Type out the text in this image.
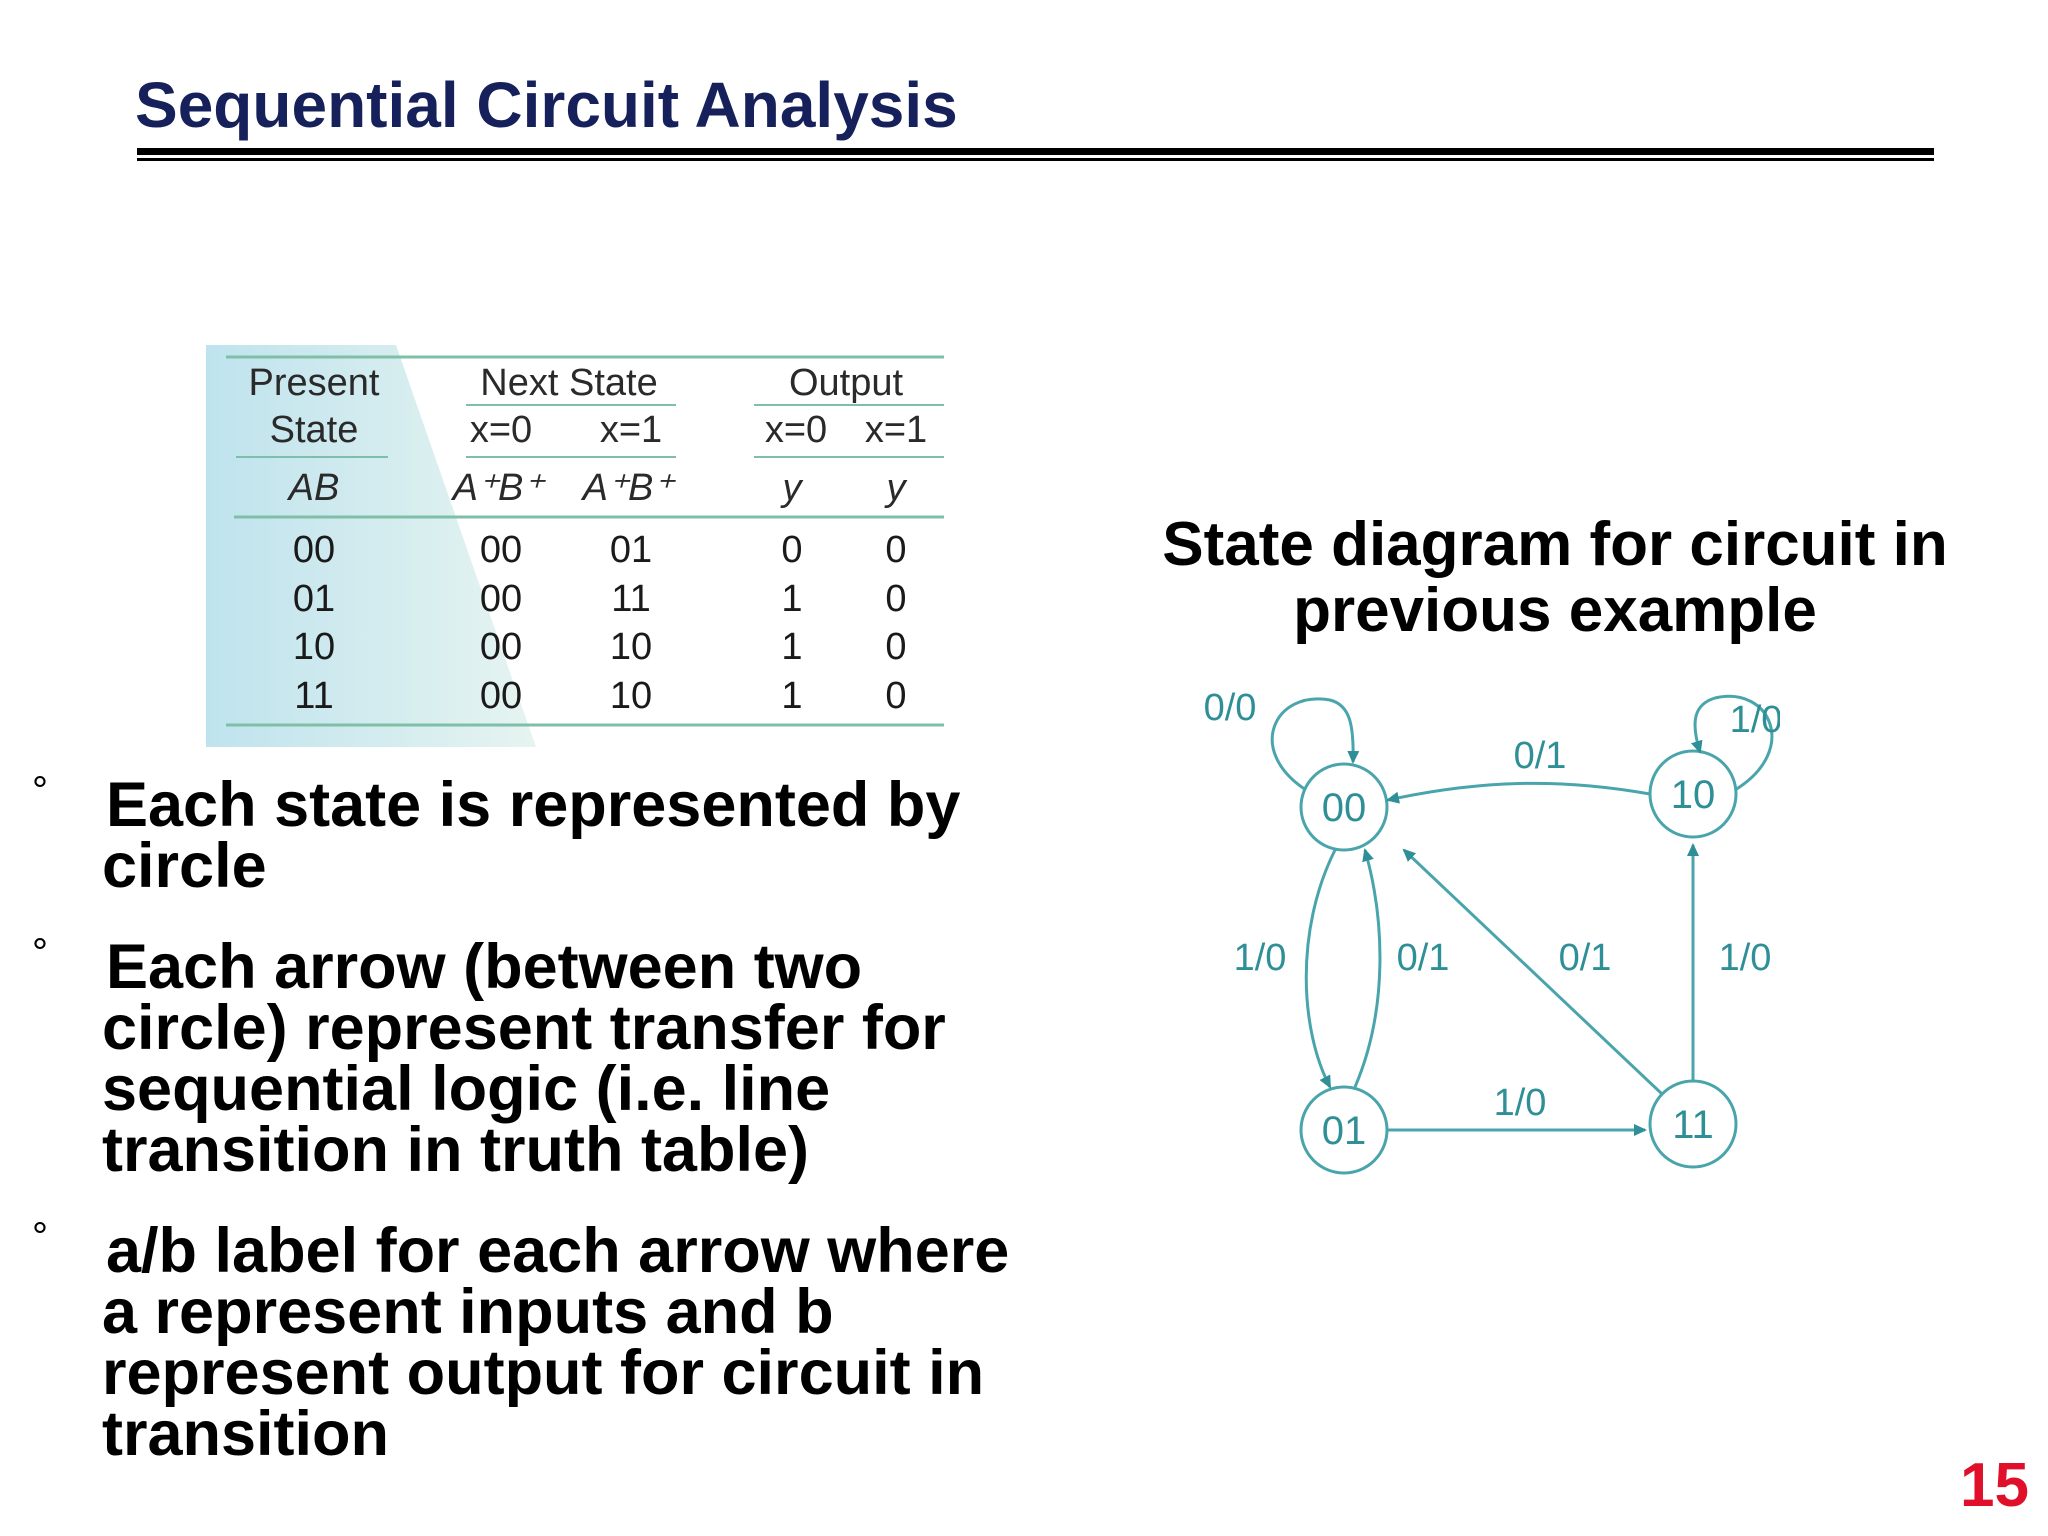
Sequential Circuit Analysis
Present
State
Next State	Output
x=0 x=1	x=0 x=1
AB	A⁺B⁺ A⁺B⁺	y y
00	00 01	0 0
01	00 11	1 0
10	00 10	1 0
11	00 10	1 0
State diagram for circuit in
previous example
00	10
01	11
0/0	1/0
0/1
1/0	0/1	0/1	1/0
1/0
° Each state is represented by
circle
° Each arrow (between two
circle) represent transfer for
sequential logic (i.e. line
transition in truth table)
° a/b label for each arrow where
a represent inputs and b
represent output for circuit in
transition
15
